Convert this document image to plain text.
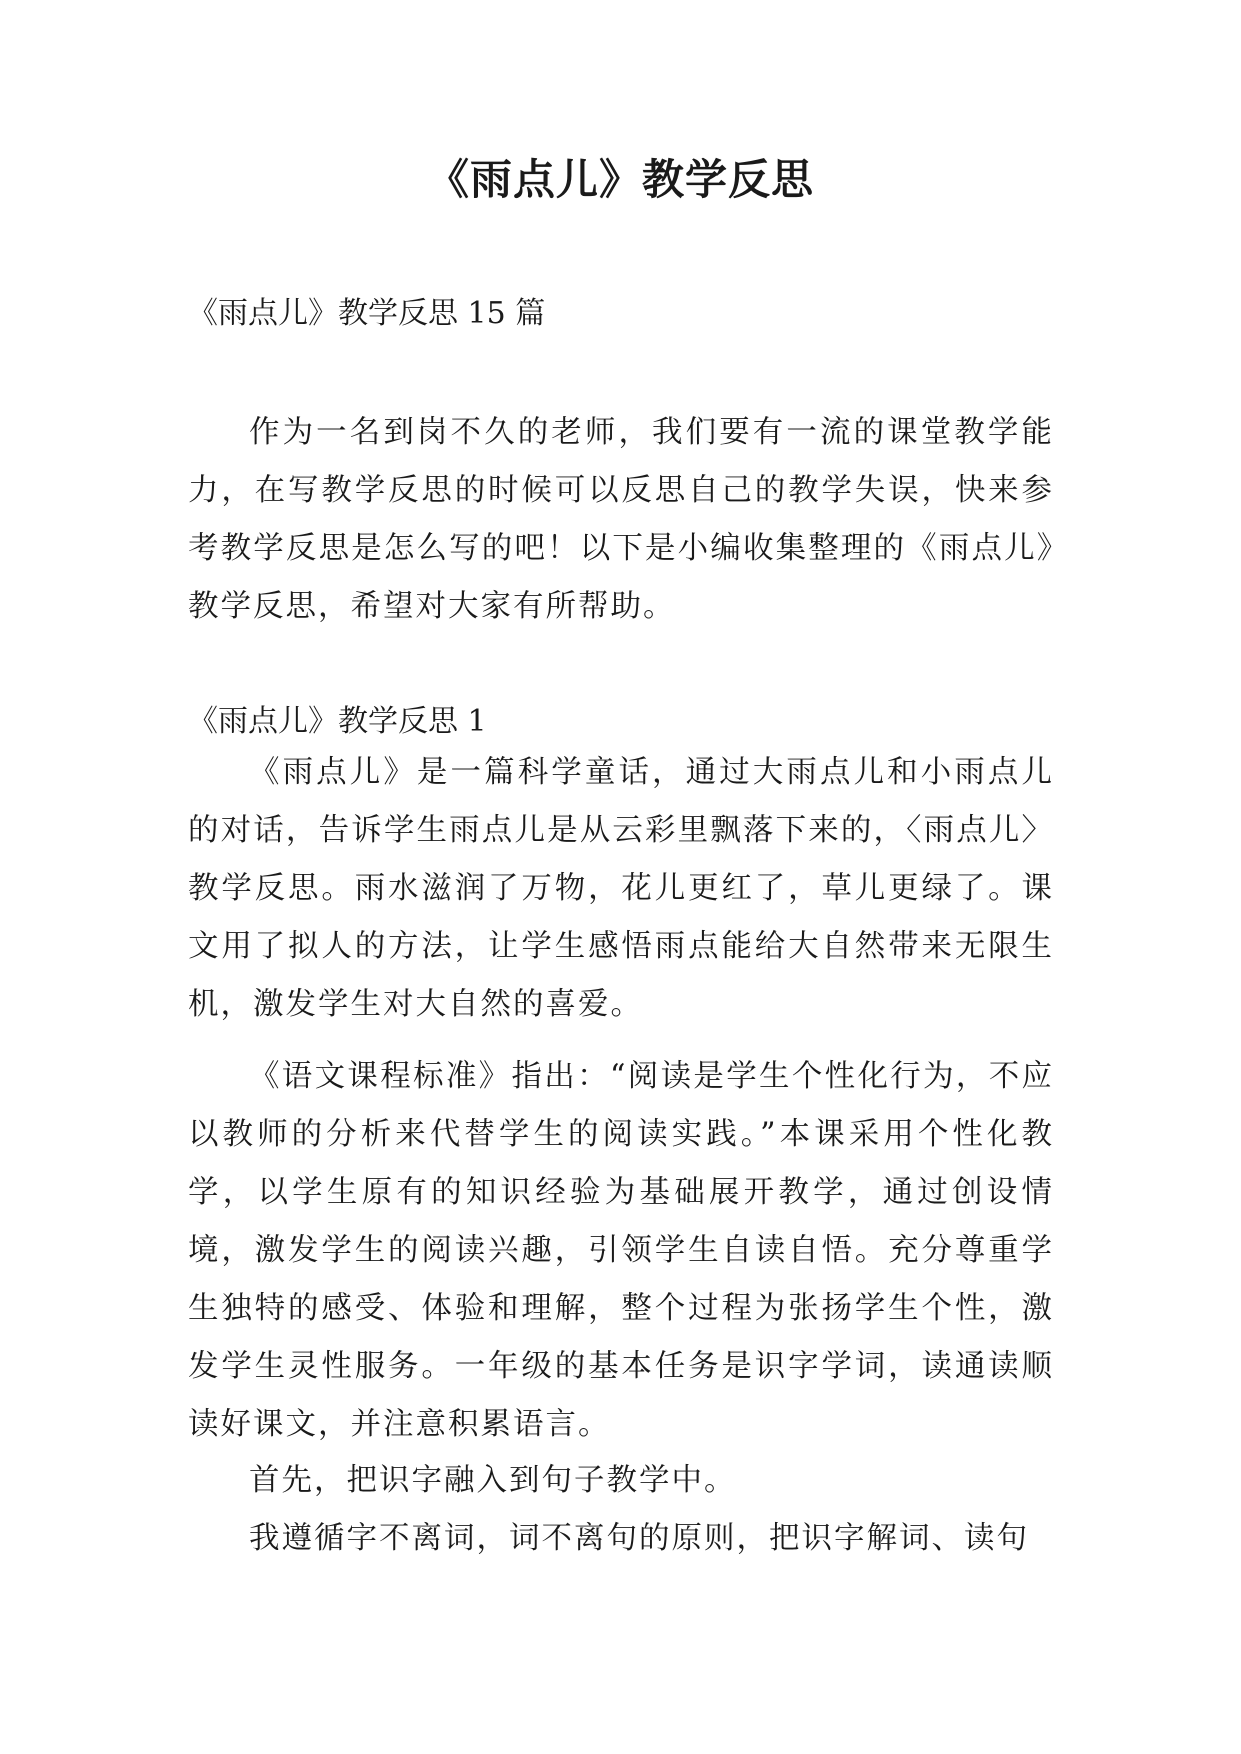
《雨点儿》教学反思

《雨点儿》教学反思 15 篇

作为一名到岗不久的老师，我们要有一流的课堂教学能力，在写教学反思的时候可以反思自己的教学失误，快来参考教学反思是怎么写的吧！以下是小编收集整理的《雨点儿》教学反思，希望对大家有所帮助。

《雨点儿》教学反思 1

《雨点儿》是一篇科学童话，通过大雨点儿和小雨点儿的对话，告诉学生雨点儿是从云彩里飘落下来的，〈雨点儿〉教学反思。雨水滋润了万物，花儿更红了，草儿更绿了。课文用了拟人的方法，让学生感悟雨点能给大自然带来无限生机，激发学生对大自然的喜爱。

《语文课程标准》指出：“阅读是学生个性化行为，不应以教师的分析来代替学生的阅读实践。”本课采用个性化教学，以学生原有的知识经验为基础展开教学，通过创设情境，激发学生的阅读兴趣，引领学生自读自悟。充分尊重学生独特的感受、体验和理解，整个过程为张扬学生个性，激发学生灵性服务。一年级的基本任务是识字学词，读通读顺读好课文，并注意积累语言。

首先，把识字融入到句子教学中。

我遵循字不离词，词不离句的原则，把识字解词、读句
